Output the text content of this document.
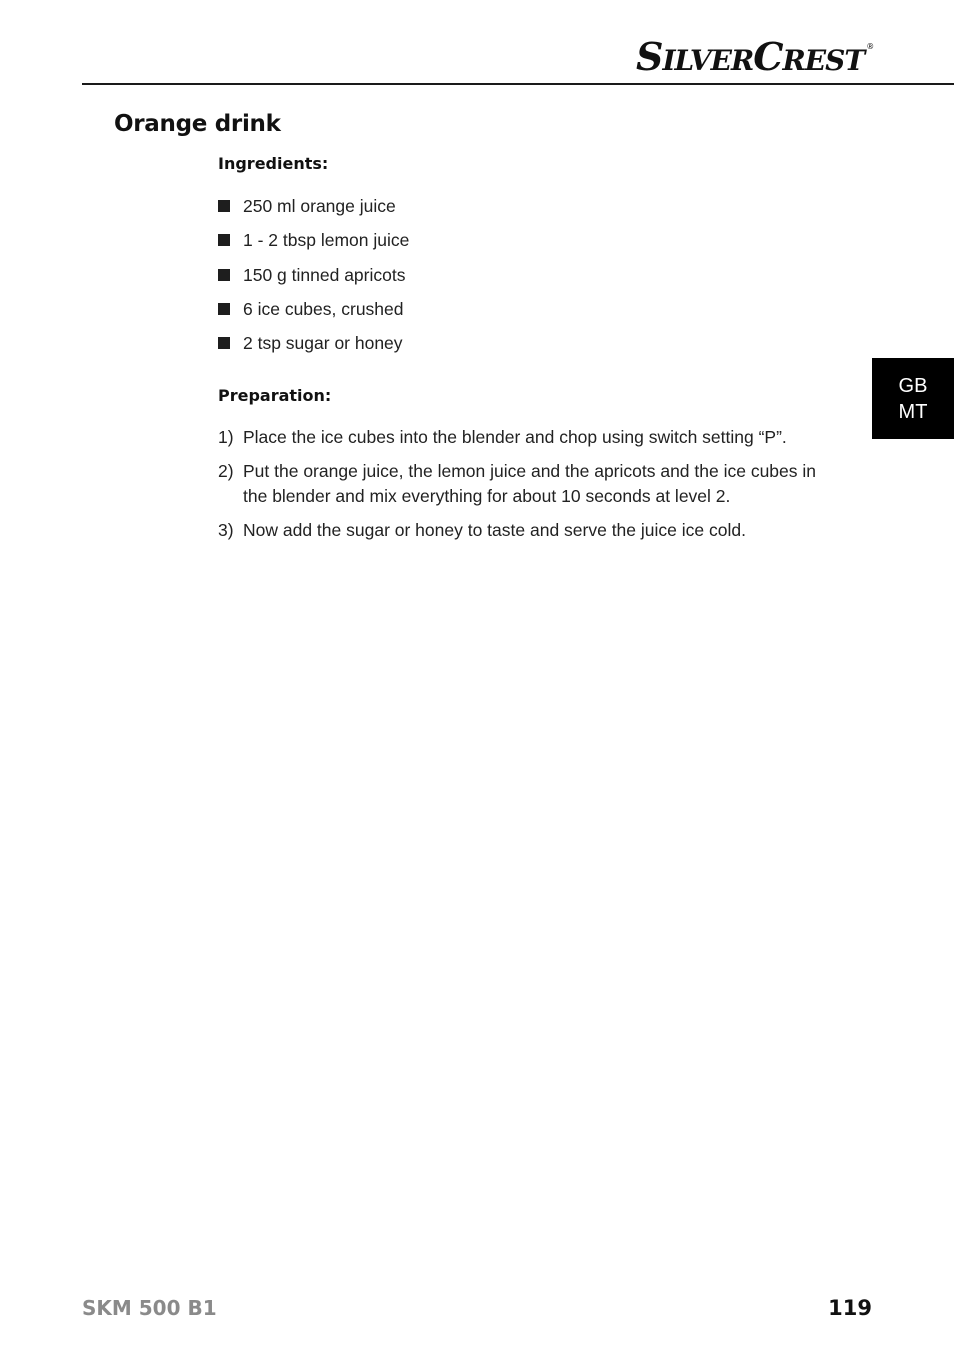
S ILVER C REST ®
GB
MT
Orange drink
Ingredients:
250 ml orange juice
1 - 2 tbsp lemon juice
150 g tinned apricots
6 ice cubes, crushed
2 tsp sugar or honey
Preparation:
1) Place the ice cubes into the blender and chop using switch setting “P”.
2) Put the orange juice, the lemon juice and the apricots and the ice cubes in the blender and mix everything for about 10 seconds at level 2.
3) Now add the sugar or honey to taste and serve the juice ice cold.
SKM 500 B1	119
